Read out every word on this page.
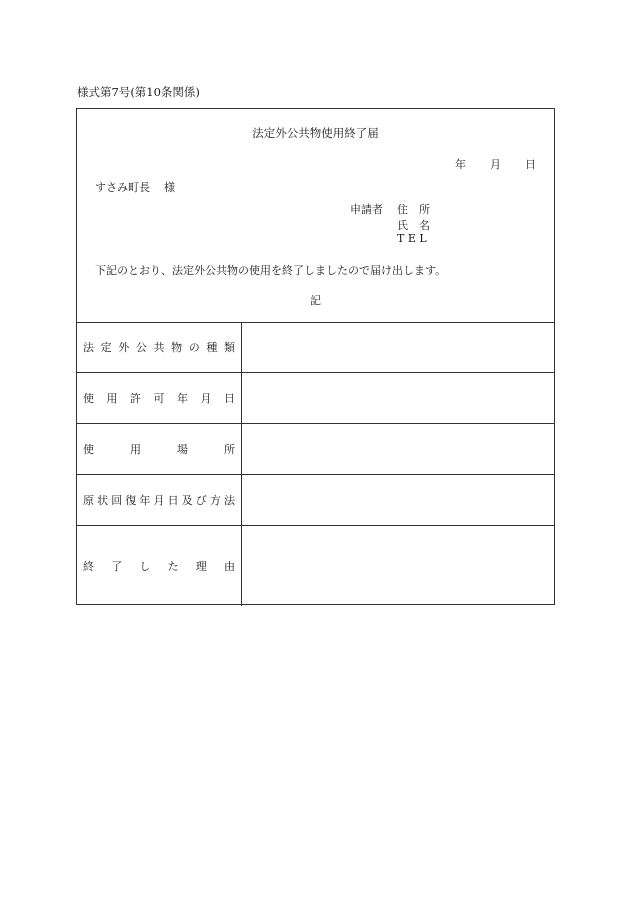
様式第7号(第10条関係)
法定外公共物使用終了届
年 月 日
すさみ町長 様
申請者 住　所
氏　名
T E L
下記のとおり、法定外公共物の使用を終了しましたので届け出します。
記
法定外公共物の種類
使用許可年月日
使用場所
原状回復年月日及び方法
終了した理由
